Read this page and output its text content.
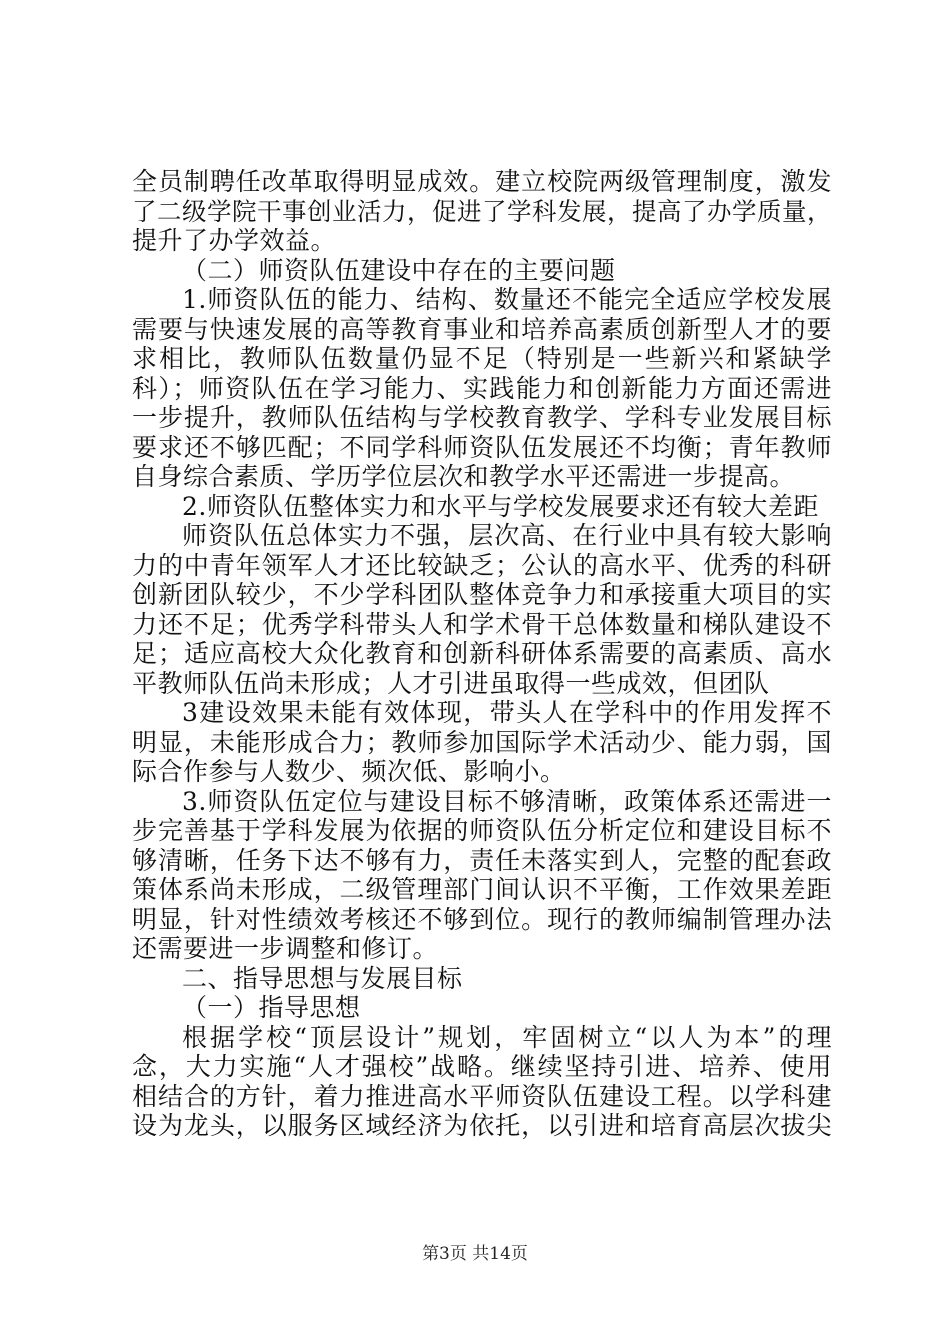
全员制聘任改革取得明显成效。建立校院两级管理制度，激发
了二级学院干事创业活力，促进了学科发展，提高了办学质量，
提升了办学效益。
（二）师资队伍建设中存在的主要问题
1.师资队伍的能力、结构、数量还不能完全适应学校发展
需要与快速发展的高等教育事业和培养高素质创新型人才的要
求相比，教师队伍数量仍显不足（特别是一些新兴和紧缺学
科）；师资队伍在学习能力、实践能力和创新能力方面还需进
一步提升，教师队伍结构与学校教育教学、学科专业发展目标
要求还不够匹配；不同学科师资队伍发展还不均衡；青年教师
自身综合素质、学历学位层次和教学水平还需进一步提高。
2.师资队伍整体实力和水平与学校发展要求还有较大差距
师资队伍总体实力不强，层次高、在行业中具有较大影响
力的中青年领军人才还比较缺乏；公认的高水平、优秀的科研
创新团队较少，不少学科团队整体竞争力和承接重大项目的实
力还不足；优秀学科带头人和学术骨干总体数量和梯队建设不
足；适应高校大众化教育和创新科研体系需要的高素质、高水
平教师队伍尚未形成；人才引进虽取得一些成效，但团队
3建设效果未能有效体现，带头人在学科中的作用发挥不
明显，未能形成合力；教师参加国际学术活动少、能力弱，国
际合作参与人数少、频次低、影响小。
3.师资队伍定位与建设目标不够清晰，政策体系还需进一
步完善基于学科发展为依据的师资队伍分析定位和建设目标不
够清晰，任务下达不够有力，责任未落实到人，完整的配套政
策体系尚未形成，二级管理部门间认识不平衡，工作效果差距
明显，针对性绩效考核还不够到位。现行的教师编制管理办法
还需要进一步调整和修订。
二、指导思想与发展目标
（一）指导思想
根据学校“顶层设计”规划，牢固树立“以人为本”的理
念，大力实施“人才强校”战略。继续坚持引进、培养、使用
相结合的方针，着力推进高水平师资队伍建设工程。以学科建
设为龙头，以服务区域经济为依托，以引进和培育高层次拔尖
第3页 共14页
